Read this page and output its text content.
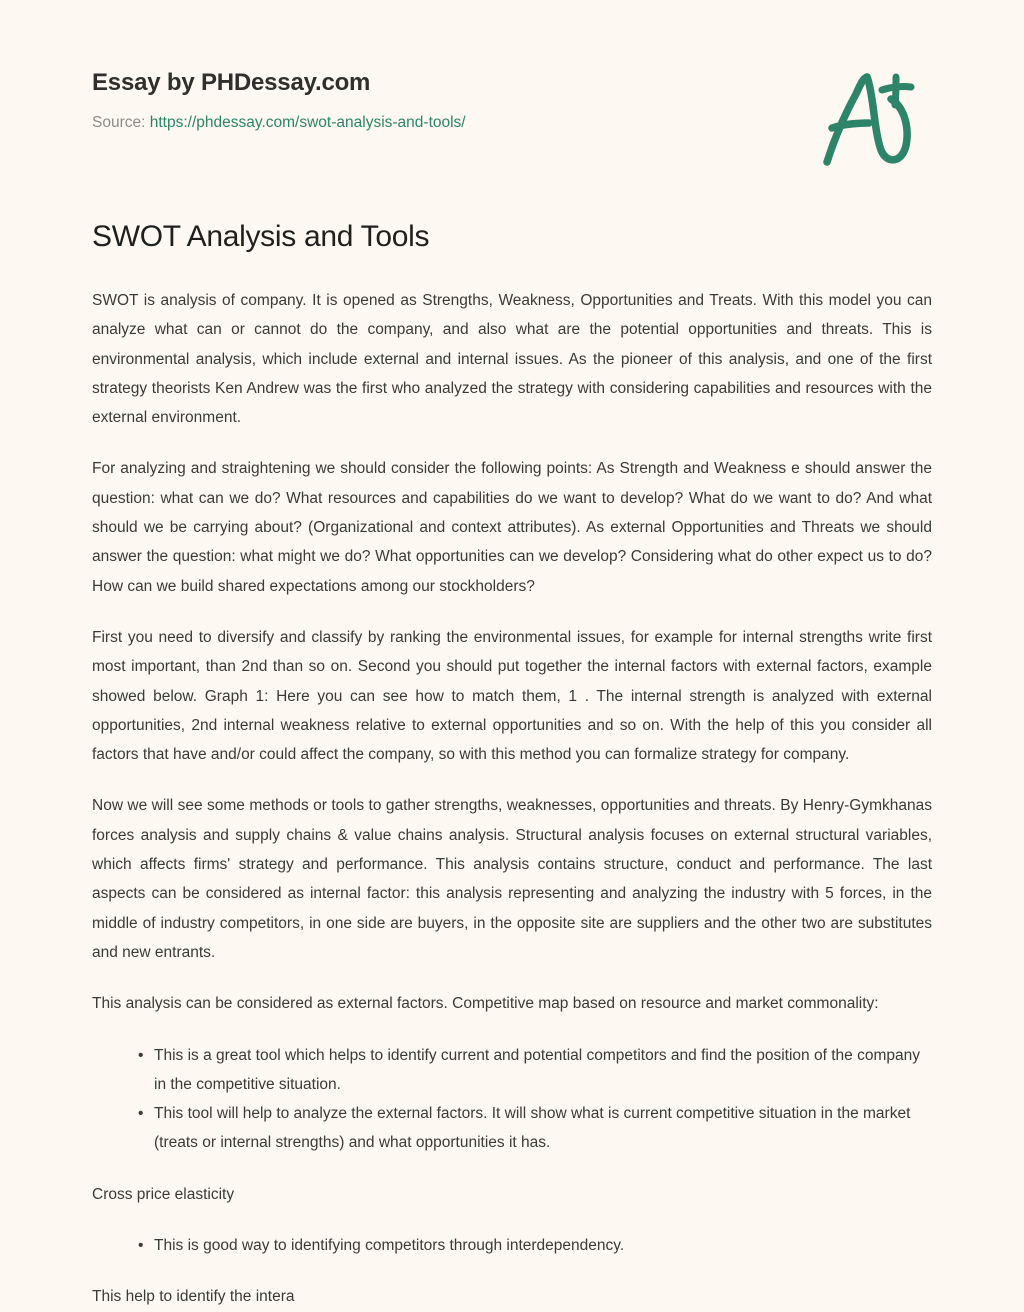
Essay by PHDessay.com
Source: https://phdessay.com/swot-analysis-and-tools/
SWOT Analysis and Tools

SWOT is analysis of company. It is opened as Strengths, Weakness, Opportunities and Treats. With this model you can analyze what can or cannot do the company, and also what are the potential opportunities and threats. This is environmental analysis, which include external and internal issues. As the pioneer of this analysis, and one of the first strategy theorists Ken Andrew was the first who analyzed the strategy with considering capabilities and resources with the external environment.

For analyzing and straightening we should consider the following points: As Strength and Weakness e should answer the question: what can we do? What resources and capabilities do we want to develop? What do we want to do? And what should we be carrying about? (Organizational and context attributes). As external Opportunities and Threats we should answer the question: what might we do? What opportunities can we develop? Considering what do other expect us to do? How can we build shared expectations among our stockholders?

First you need to diversify and classify by ranking the environmental issues, for example for internal strengths write first most important, than 2nd than so on. Second you should put together the internal factors with external factors, example showed below. Graph 1: Here you can see how to match them, 1 . The internal strength is analyzed with external opportunities, 2nd internal weakness relative to external opportunities and so on. With the help of this you consider all factors that have and/or could affect the company, so with this method you can formalize strategy for company.

Now we will see some methods or tools to gather strengths, weaknesses, opportunities and threats. By Henry-Gymkhanas forces analysis and supply chains & value chains analysis. Structural analysis focuses on external structural variables, which affects firms' strategy and performance. This analysis contains structure, conduct and performance. The last aspects can be considered as internal factor: this analysis representing and analyzing the industry with 5 forces, in the middle of industry competitors, in one side are buyers, in the opposite site are suppliers and the other two are substitutes and new entrants.

This analysis can be considered as external factors. Competitive map based on resource and market commonality:

• This is a great tool which helps to identify current and potential competitors and find the position of the company in the competitive situation.
• This tool will help to analyze the external factors. It will show what is current competitive situation in the market (treats or internal strengths) and what opportunities it has.

Cross price elasticity

• This is good way to identifying competitors through interdependency.

This help to identify the intera
